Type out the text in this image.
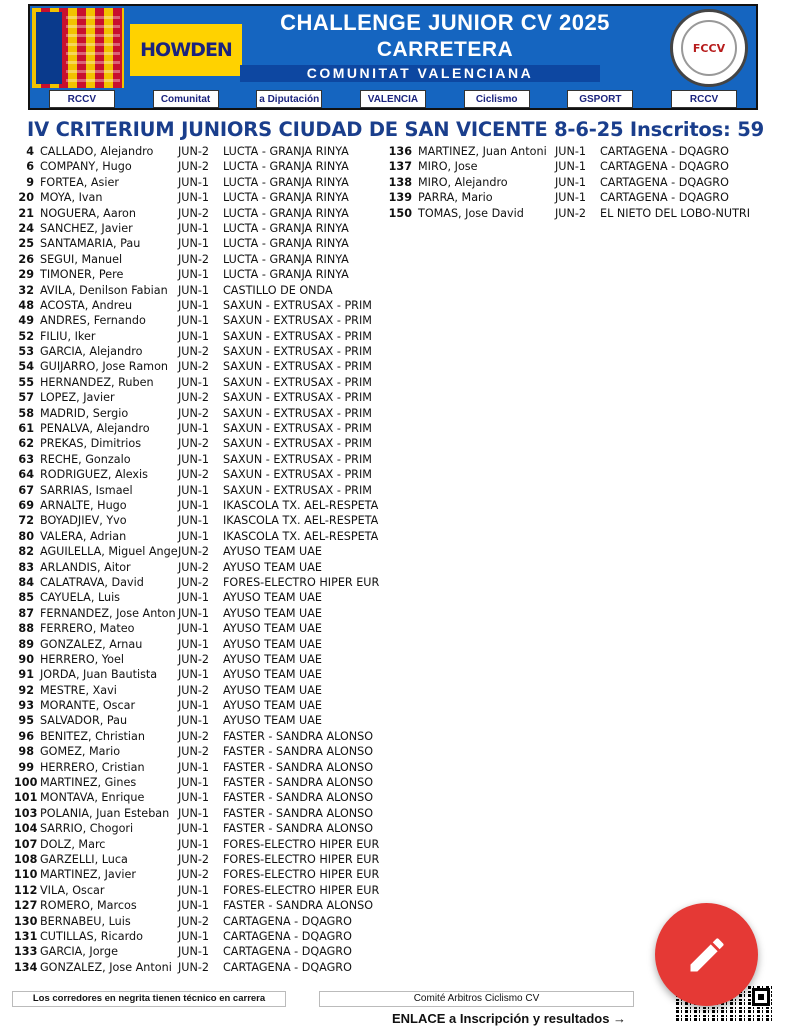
HOWDEN
CHALLENGE JUNIOR CV 2025
CARRETERA
COMUNITAT VALENCIANA
FCCV
RCCV	Comunitat	a Diputación	VALENCIA	Ciclismo	GSPORT	RCCV
IV CRITERIUM JUNIORS CIUDAD DE SAN VICENTE 8-6-25 Inscritos: 59
4 CALLADO, Alejandro	JUN-2	LUCTA - GRANJA RINYA
6 COMPANY, Hugo	JUN-2	LUCTA - GRANJA RINYA
9 FORTEA, Asier	JUN-1	LUCTA - GRANJA RINYA
20 MOYA, Ivan	JUN-1	LUCTA - GRANJA RINYA
21 NOGUERA, Aaron	JUN-2	LUCTA - GRANJA RINYA
24 SANCHEZ, Javier	JUN-1	LUCTA - GRANJA RINYA
25 SANTAMARIA, Pau	JUN-1	LUCTA - GRANJA RINYA
26 SEGUI, Manuel	JUN-2	LUCTA - GRANJA RINYA
29 TIMONER, Pere	JUN-1	LUCTA - GRANJA RINYA
32 AVILA, Denilson Fabian JUN-1	CASTILLO DE ONDA
48 ACOSTA, Andreu	JUN-1	SAXUN - EXTRUSAX - PRIM
49 ANDRES, Fernando	JUN-1	SAXUN - EXTRUSAX - PRIM
52 FILIU, Iker	JUN-1	SAXUN - EXTRUSAX - PRIM
53 GARCIA, Alejandro	JUN-2	SAXUN - EXTRUSAX - PRIM
54 GUIJARRO, Jose Ramon JUN-2	SAXUN - EXTRUSAX - PRIM
55 HERNANDEZ, Ruben	JUN-1	SAXUN - EXTRUSAX - PRIM
57 LOPEZ, Javier	JUN-2	SAXUN - EXTRUSAX - PRIM
58 MADRID, Sergio	JUN-2	SAXUN - EXTRUSAX - PRIM
61 PENALVA, Alejandro	JUN-1	SAXUN - EXTRUSAX - PRIM
62 PREKAS, Dimitrios	JUN-2	SAXUN - EXTRUSAX - PRIM
63 RECHE, Gonzalo	JUN-1	SAXUN - EXTRUSAX - PRIM
64 RODRIGUEZ, Alexis	JUN-2	SAXUN - EXTRUSAX - PRIM
67 SARRIAS, Ismael	JUN-1	SAXUN - EXTRUSAX - PRIM
69 ARNALTE, Hugo	JUN-1	IKASCOLA TX. AEL-RESPETA
72 BOYADJIEV, Yvo	JUN-1	IKASCOLA TX. AEL-RESPETA
80 VALERA, Adrian	JUN-1	IKASCOLA TX. AEL-RESPETA
82 AGUILELLA, Miguel Ange JUN-2	AYUSO TEAM UAE
83 ARLANDIS, Aitor	JUN-2	AYUSO TEAM UAE
84 CALATRAVA, David	JUN-2	FORES-ELECTRO HIPER EUR
85 CAYUELA, Luis	JUN-1	AYUSO TEAM UAE
87 FERNANDEZ, Jose Anton JUN-1	AYUSO TEAM UAE
88 FERRERO, Mateo	JUN-1	AYUSO TEAM UAE
89 GONZALEZ, Arnau	JUN-1	AYUSO TEAM UAE
90 HERRERO, Yoel	JUN-2	AYUSO TEAM UAE
91 JORDA, Juan Bautista	JUN-1	AYUSO TEAM UAE
92 MESTRE, Xavi	JUN-2	AYUSO TEAM UAE
93 MORANTE, Oscar	JUN-1	AYUSO TEAM UAE
95 SALVADOR, Pau	JUN-1	AYUSO TEAM UAE
96 BENITEZ, Christian	JUN-2	FASTER - SANDRA ALONSO
98 GOMEZ, Mario	JUN-2	FASTER - SANDRA ALONSO
99 HERRERO, Cristian	JUN-1	FASTER - SANDRA ALONSO
100 MARTINEZ, Gines	JUN-1	FASTER - SANDRA ALONSO
101 MONTAVA, Enrique	JUN-1	FASTER - SANDRA ALONSO
103 POLANIA, Juan Esteban JUN-1	FASTER - SANDRA ALONSO
104 SARRIO, Chogori	JUN-1	FASTER - SANDRA ALONSO
107 DOLZ, Marc	JUN-1	FORES-ELECTRO HIPER EUR
108 GARZELLI, Luca	JUN-2	FORES-ELECTRO HIPER EUR
110 MARTINEZ, Javier	JUN-2	FORES-ELECTRO HIPER EUR
112 VILA, Oscar	JUN-1	FORES-ELECTRO HIPER EUR
127 ROMERO, Marcos	JUN-1	FASTER - SANDRA ALONSO
130 BERNABEU, Luis	JUN-2	CARTAGENA - DQAGRO
131 CUTILLAS, Ricardo	JUN-1	CARTAGENA - DQAGRO
133 GARCIA, Jorge	JUN-1	CARTAGENA - DQAGRO
134 GONZALEZ, Jose Antoni JUN-2	CARTAGENA - DQAGRO
136 MARTINEZ, Juan Antoni JUN-1	CARTAGENA - DQAGRO
137 MIRO, Jose	JUN-1	CARTAGENA - DQAGRO
138 MIRO, Alejandro	JUN-1	CARTAGENA - DQAGRO
139 PARRA, Mario	JUN-1	CARTAGENA - DQAGRO
150 TOMAS, Jose David	JUN-2	EL NIETO DEL LOBO-NUTRI
Los corredores en negrita tienen técnico en carrera	Comité Arbitros Ciclismo CV
ENLACE a Inscripción y resultados →
